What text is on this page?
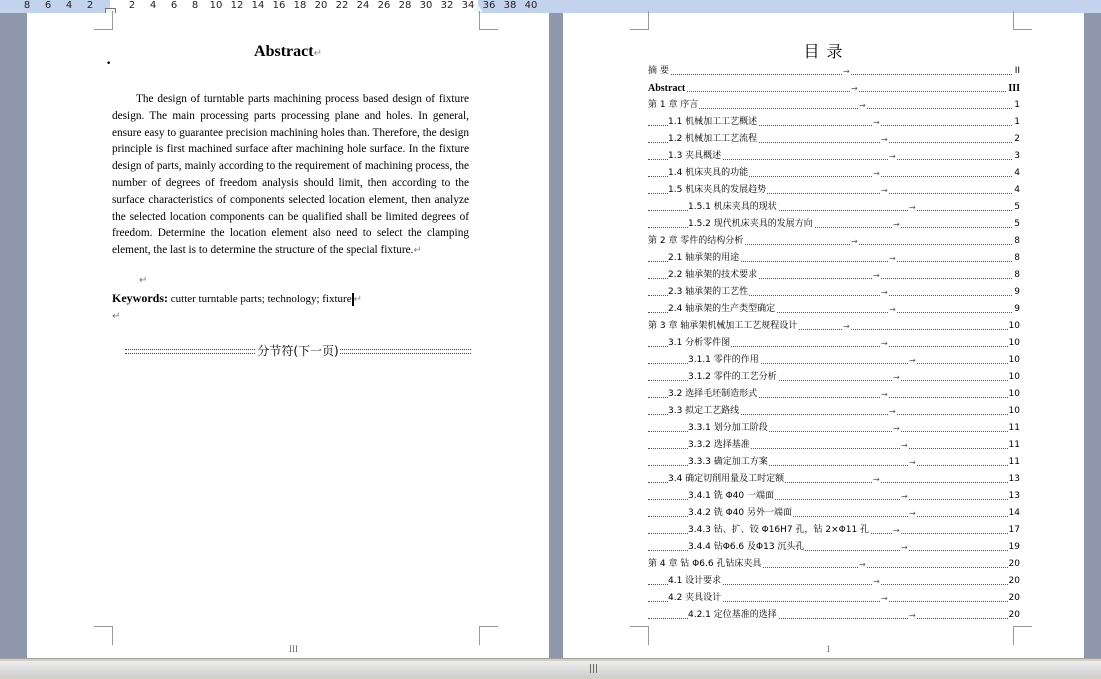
8 6 4 2	2 4 6 8 10 12 14 16 18 20 22 24 26 28 30 32 34 36 38 40
·
Abstract↵
The design of turntable parts machining process based design of fixture design. The main processing parts processing plane and holes. In general, ensure easy to guarantee precision machining holes than. Therefore, the design principle is first machined surface after machining hole surface. In the fixture design of parts, mainly according to the requirement of machining process, the number of degrees of freedom analysis should limit, then according to the surface characteristics of components selected location element, then analyze the selected location components can be qualified shall be limited degrees of freedom. Determine the location element also need to select the clamping element, the last is to determine the structure of the special fixture.↵
↵
Keywords: cutter turntable parts; technology; fixture ↵
↵
分节符(下一页)
III
目 录
摘 要	→	II
Abstract	→	III
第 1 章 序言	→	1
1.1 机械加工工艺概述	→	1
1.2 机械加工工艺流程	→	2
1.3 夹具概述	→	3
1.4 机床夹具的功能	→	4
1.5 机床夹具的发展趋势	→	4
1.5.1 机床夹具的现状	→	5
1.5.2 现代机床夹具的发展方向	→	5
第 2 章 零件的结构分析	→	8
2.1 轴承架的用途	→	8
2.2 轴承架的技术要求	→	8
2.3 轴承架的工艺性	→	9
2.4 轴承架的生产类型确定	→	9
第 3 章 轴承架机械加工工艺规程设计	→	10
3.1 分析零件图	→	10
3.1.1 零件的作用	→	10
3.1.2 零件的工艺分析	→	10
3.2 选择毛坯制造形式	→	10
3.3 拟定工艺路线	→	10
3.3.1 划分加工阶段	→	11
3.3.2 选择基准	→	11
3.3.3 确定加工方案	→	11
3.4 确定切削用量及工时定额	→	13
3.4.1 铣 Φ40 一端面	→	13
3.4.2 铣 Φ40 另外一端面	→	14
3.4.3 钻、扩、铰 Φ16H7 孔，钻 2×Φ11 孔	→	17
3.4.4 钻Φ6.6 及Φ13 沉头孔	→	19
第 4 章 钻 Φ6.6 孔钻床夹具	→	20
4.1 设计要求	→	20
4.2 夹具设计	→	20
4.2.1 定位基准的选择	→	20
1
|||
